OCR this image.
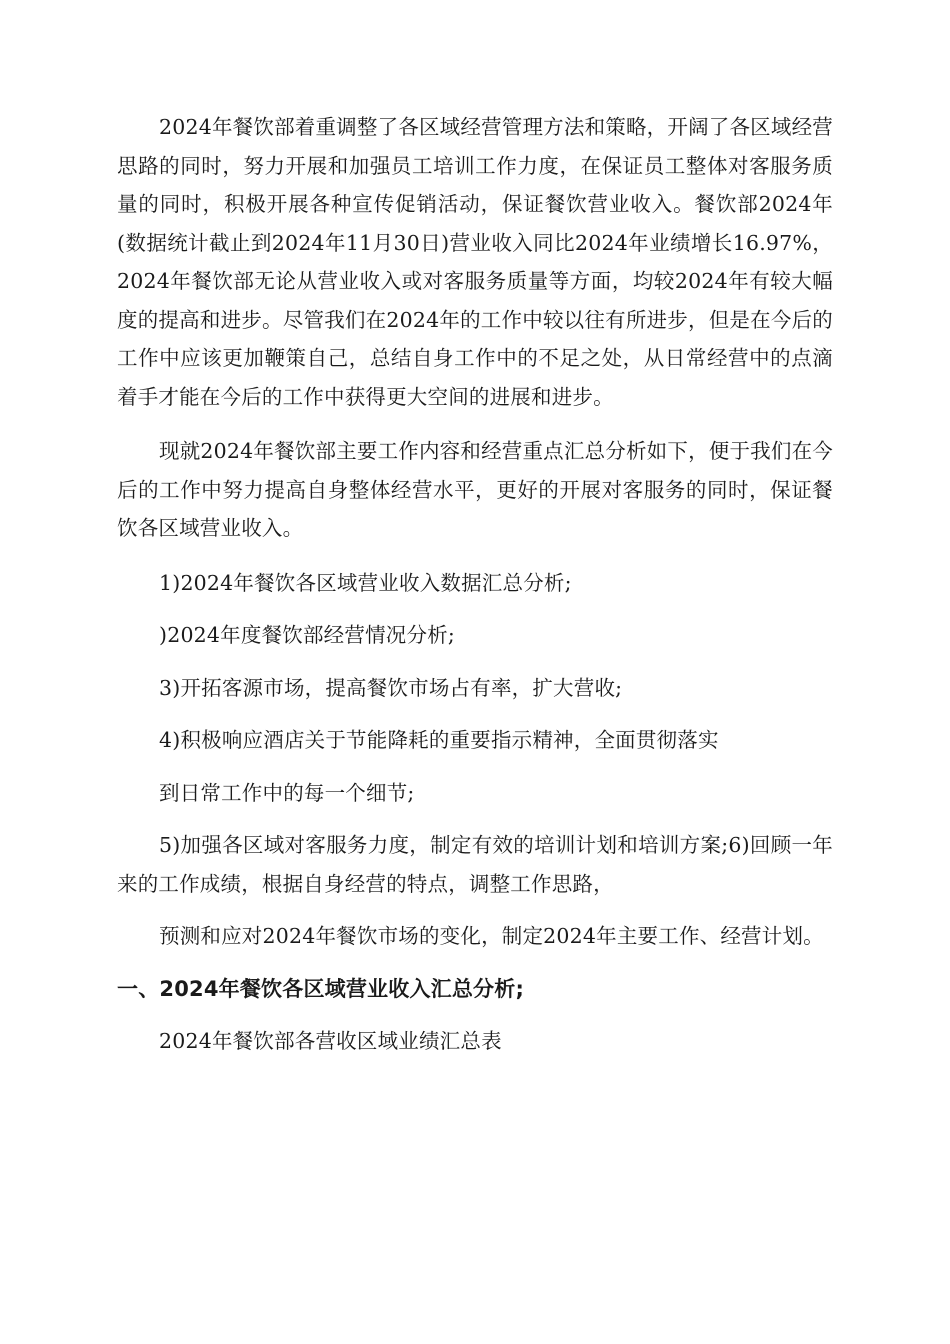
2024年餐饮部着重调整了各区域经营管理方法和策略，开阔了各区域经营思路的同时，努力开展和加强员工培训工作力度，在保证员工整体对客服务质量的同时，积极开展各种宣传促销活动，保证餐饮营业收入。餐饮部2024年(数据统计截止到2024年11月30日)营业收入同比2024年业绩增长16.97%，2024年餐饮部无论从营业收入或对客服务质量等方面，均较2024年有较大幅度的提高和进步。尽管我们在2024年的工作中较以往有所进步，但是在今后的工作中应该更加鞭策自己，总结自身工作中的不足之处，从日常经营中的点滴着手才能在今后的工作中获得更大空间的进展和进步。

现就2024年餐饮部主要工作内容和经营重点汇总分析如下，便于我们在今后的工作中努力提高自身整体经营水平，更好的开展对客服务的同时，保证餐饮各区域营业收入。

1)2024年餐饮各区域营业收入数据汇总分析;

)2024年度餐饮部经营情况分析;

3)开拓客源市场，提高餐饮市场占有率，扩大营收;

4)积极响应酒店关于节能降耗的重要指示精神，全面贯彻落实

到日常工作中的每一个细节;

5)加强各区域对客服务力度，制定有效的培训计划和培训方案;6)回顾一年来的工作成绩，根据自身经营的特点，调整工作思路，

预测和应对2024年餐饮市场的变化，制定2024年主要工作、经营计划。

一、2024年餐饮各区域营业收入汇总分析;

2024年餐饮部各营收区域业绩汇总表
